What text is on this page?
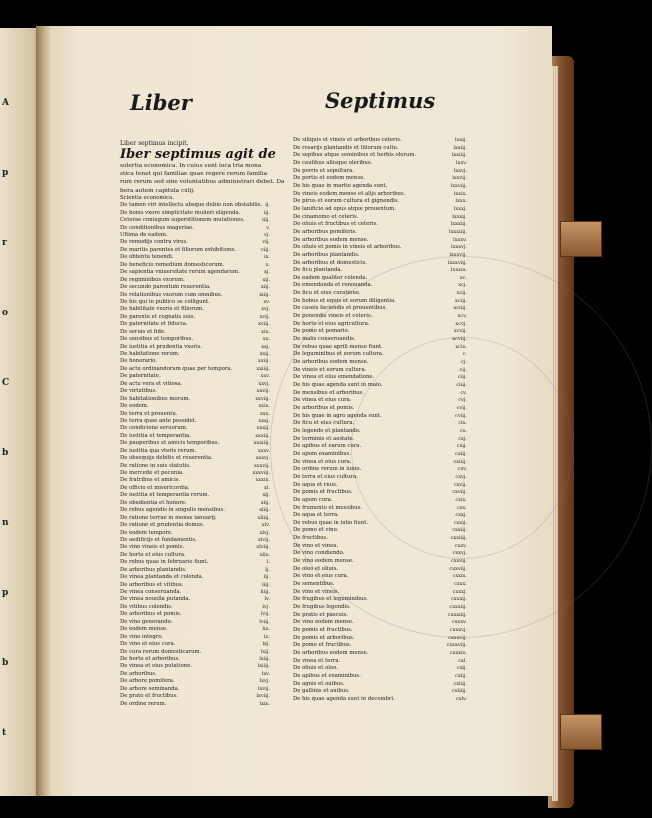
A
p
r
o
C
b
n
p
b
t
Liber	Septimus
Liber septimus incipit.
Iber septimus agit de
solertia economica. In cuius sunt loca tria mona
stica tenet qui familiae quae regere rerum familia
rum rerum sed sine voluntatibus administrari debet. Da
bera autem capitula cxlij.
Scientia economica.
De tamen viri intellectu absque dubio non obstabilis. ij.
De bonis vxore simplicitate mulieri eligenda.	iij.
Ceterae coniugum superstitionem mutationes.	iiij.
De conditionibus mageriae.	v.
Ultima de eadem.	vj.
De remedijs contra viros.	vij.
De maritis parentes et filiorum exhibitione.	viij.
De obtentu tenendi.	ix.
De beneficio remedium domesticorum.	x.
De sapientia vniuersitate rerum agendarum.	xj.
De regiminibus vxorum.	xij.
De secundo parentum reuerentia.	xiij.
De relationibus vxorum cum omnibus.	xiiij.
De his qui in publico se colligunt.	xv.
De habilitate vxoris et filiorum.	xvj.
De parente et cognatis suis.	xvij.
De paternitate et fiducia.	xviij.
De seruis et fide.	xix.
De sensibus et temporibus.	xx.
De iustitia et prudentia vxoris.	xxj.
De habitatione rerum.	xxij.
De honorario.	xxiij.
De actu ordinandorum quae per tempora.	xxiiij.
De paternitate.	xxv.
De actu vera et vitiosa.	xxvj.
De virtutibus.	xxvij.
De habitationibus morum.	xxviij.
De eodem.	xxix.
De terra et prouentu.	xxx.
De terra quae ante possidet.	xxxj.
De condicione seruorum.	xxxij.
De iustitia et temperantia.	xxxiij.
De pauperibus et amicis temporibus.	xxxiiij.
De iustitia qua vteris rerum.	xxxv.
De obsequijs debitis et reuerentia.	xxxvj.
De ratione in suis statutis.	xxxvij.
De mercede et pecunia.	xxxviij.
De fratribus et amicis.	xxxix.
De officio et misericordia.	xl.
De iustitia et temperantia rerum.	xlj.
De obedientia et honore.	xlij.
De rebus agendis in singulis mensibus.	xliij.
De ratione terrae in mense ianuarij.	xliiij.
De ratione et prudentia domus.	xlv.
De eodem tempore.	xlvj.
De aedificijs et fundamentis.	xlvij.
De vino vineis et pomis.	xlviij.
De horto et eius cultura.	xlix.
De rebus quae in februario fiunt.	l.
De arboribus plantandis.	lj.
De vinea plantanda et colenda.	lij.
De arboribus et vitibus.	liij.
De vinea conseruanda.	liiij.
De vinea nouella putanda.	lv.
De vitibus colendis.	lvj.
De arboribus et pomis.	lvij.
De vino generando.	lviij.
De eodem mense.	lix.
De vino integro.	lx.
De vino et eius cura.	lxj.
De cura rerum domesticarum.	lxij.
De horto et arboribus.	lxiij.
De vinea et eius putatione.	lxiiij.
De arboribus.	lxv.
De arbore pomifera.	lxvj.
De arbore seminanda.	lxvij.
De prato et fructibus.	lxviij.
De ordine rerum.	lxix.
De siliquis et vineis et arboribus ceteris.	lxxij.
De rosarijs plantandis et liliorum cultu.	lxxiij.
De sepibus atque seminibus et herbis olerum.	lxxiiij.
De caulibus aliisque oleribus.	lxxv.
De porris et sepultura.	lxxvj.
De portis et eodem mense.	lxxvij.
De his quae in martio agenda sunt.	lxxviij.
De vineis eodem mense et alijs arboribus.	lxxix.
De pirus et eorum cultura et gignendis.	lxxx.
De lanificio ad opus atque prouentum.	lxxxj.
De cinamomo et ceteris.	lxxxij.
De oliuis et fructibus et ceteris.	lxxxiij.
De arboribus pomiferis.	lxxxiiij.
De arboribus eodem mense.	lxxxv.
De oliuis et pomis in vineis et arboribus.	lxxxvj.
De arboribus plantandis.	lxxxvij.
De arboribus et domesticis.	lxxxviij.
De ficu plantanda.	lxxxix.
De eadem qualiter colenda.	xc.
De emendanda et renouanda.	xcj.
De ficu et eius curatione.	xcij.
De bobus et equis et eorum diligentia.	xciij.
De caseis faciendis et prouentibus.	xciiij.
De ponendis vineis et ceteris.	xcv.
De horto et eius agricultura.	xcvj.
De pomo et pomario.	xcvij.
De malis conseruandis.	xcviij.
De rebus quae aprili mense fiunt.	xcix.
De leguminibus et eorum cultura.	c.
De arboribus eodem mense.	cj.
De vineis et eorum cultura.	cij.
De vinea et eius emendatione.	ciij.
De his quae agenda sunt in maio.	ciiij.
De mensibus et arboribus.	cv.
De vinea et eius cura.	cvj.
De arboribus et pomis.	cvij.
De his quae in agro agenda sunt.	cviij.
De ficu et eius cultura.	cix.
De legendo et plantando.	cx.
De terminis et aestate.	cxj.
De apibus et earum cura.	cxij.
De apum examinibus.	cxiij.
De vinea et eius cura.	cxiiij.
De ordine rerum in iunio.	cxv.
De terra et eius cultura.	cxvj.
De aqua et riuis.	cxvij.
De pomis et fructibus.	cxviij.
De apum cura.	cxix.
De frumento et messibus.	cxx.
De aqua et terra.	cxxj.
De rebus quae in iulio fiunt.	cxxij.
De pomo et vino.	cxxiij.
De fructibus.	cxxiiij.
De vino et vinea.	cxxv.
De vino condiendo.	cxxvj.
De vino eodem mense.	cxxvij.
De oleo et oliuis.	cxxviij.
De vino et eius cura.	cxxix.
De sementibus.	cxxx.
De vino et vineis.	cxxxj.
De frugibus et leguminibus.	cxxxij.
De frugibus legendis.	cxxxiij.
De pratis et pascuis.	cxxxiiij.
De vino eodem mense.	cxxxv.
De pomis et fructibus.	cxxxvj.
De pomis et arboribus.	cxxxvij.
De pomo et fructibus.	cxxxviij.
De arboribus eodem mense.	cxxxix.
De vinea et terra.	cxl.
De oliuis et oleo.	cxlj.
De apibus et examinibus.	cxlij.
De agnis et ouibus.	cxliij.
De gallinis et auibus.	cxliiij.
De his quae agenda sunt in decembri.	cxlv.
